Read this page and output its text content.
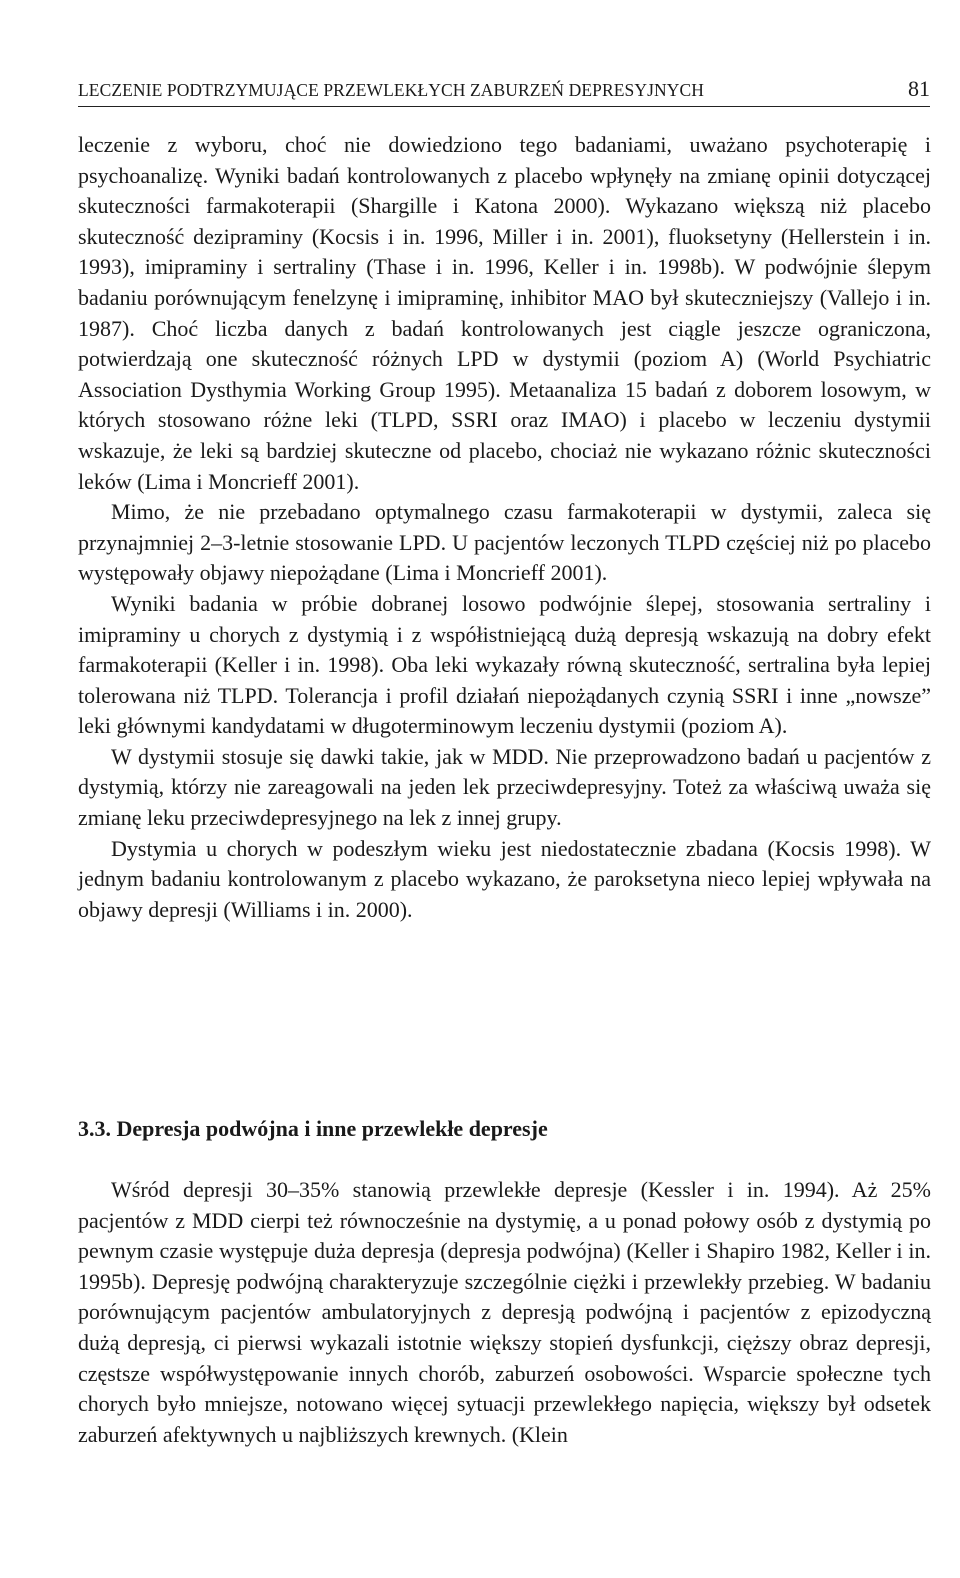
LECZENIE PODTRZYMUJĄCE PRZEWLEKŁYCH ZABURZEŃ DEPRESYJNYCH	81

leczenie z wyboru, choć nie dowiedziono tego badaniami, uważano psychoterapię i psychoanalizę. Wyniki badań kontrolowanych z placebo wpłynęły na zmianę opinii dotyczącej skuteczności farmakoterapii (Shargille i Katona 2000). Wykazano większą niż placebo skuteczność dezipraminy (Kocsis i in. 1996, Miller i in. 2001), fluoksetyny (Hellerstein i in. 1993), imipraminy i sertraliny (Thase i in. 1996, Keller i in. 1998b). W podwójnie ślepym badaniu porównującym fenelzynę i imipraminę, inhibitor MAO był skuteczniejszy (Vallejo i in. 1987). Choć liczba danych z badań kontrolowanych jest ciągle jeszcze ograniczona, potwierdzają one skuteczność różnych LPD w dystymii (poziom A) (World Psychiatric Association Dysthymia Working Group 1995). Metaanaliza 15 badań z doborem losowym, w których stosowano różne leki (TLPD, SSRI oraz IMAO) i placebo w leczeniu dystymii wskazuje, że leki są bardziej skuteczne od placebo, chociaż nie wykazano różnic skuteczności leków (Lima i Moncrieff 2001).

Mimo, że nie przebadano optymalnego czasu farmakoterapii w dystymii, zaleca się przynajmniej 2–3-letnie stosowanie LPD. U pacjentów leczonych TLPD częściej niż po placebo występowały objawy niepożądane (Lima i Moncrieff 2001).

Wyniki badania w próbie dobranej losowo podwójnie ślepej, stosowania sertraliny i imipraminy u chorych z dystymią i z współistniejącą dużą depresją wskazują na dobry efekt farmakoterapii (Keller i in. 1998). Oba leki wykazały równą skuteczność, sertralina była lepiej tolerowana niż TLPD. Tolerancja i profil działań niepożądanych czynią SSRI i inne „nowsze” leki głównymi kandydatami w długoterminowym leczeniu dystymii (poziom A).

W dystymii stosuje się dawki takie, jak w MDD. Nie przeprowadzono badań u pacjentów z dystymią, którzy nie zareagowali na jeden lek przeciwdepresyjny. Toteż za właściwą uważa się zmianę leku przeciwdepresyjnego na lek z innej grupy.

Dystymia u chorych w podeszłym wieku jest niedostatecznie zbadana (Kocsis 1998). W jednym badaniu kontrolowanym z placebo wykazano, że paroksetyna nieco lepiej wpływała na objawy depresji (Williams i in. 2000).

3.3. Depresja podwójna i inne przewlekłe depresje

Wśród depresji 30–35% stanowią przewlekłe depresje (Kessler i in. 1994). Aż 25% pacjentów z MDD cierpi też równocześnie na dystymię, a u ponad połowy osób z dystymią po pewnym czasie występuje duża depresja (depresja podwójna) (Keller i Shapiro 1982, Keller i in. 1995b). Depresję podwójną charakteryzuje szczególnie ciężki i przewlekły przebieg. W badaniu porównującym pacjentów ambulatoryjnych z depresją podwójną i pacjentów z epizodyczną dużą depresją, ci pierwsi wykazali istotnie większy stopień dysfunkcji, cięższy obraz depresji, częstsze współwystępowanie innych chorób, zaburzeń osobowości. Wsparcie społeczne tych chorych było mniejsze, notowano więcej sytuacji przewlekłego napięcia, większy był odsetek zaburzeń afektywnych u najbliższych krewnych. (Klein
